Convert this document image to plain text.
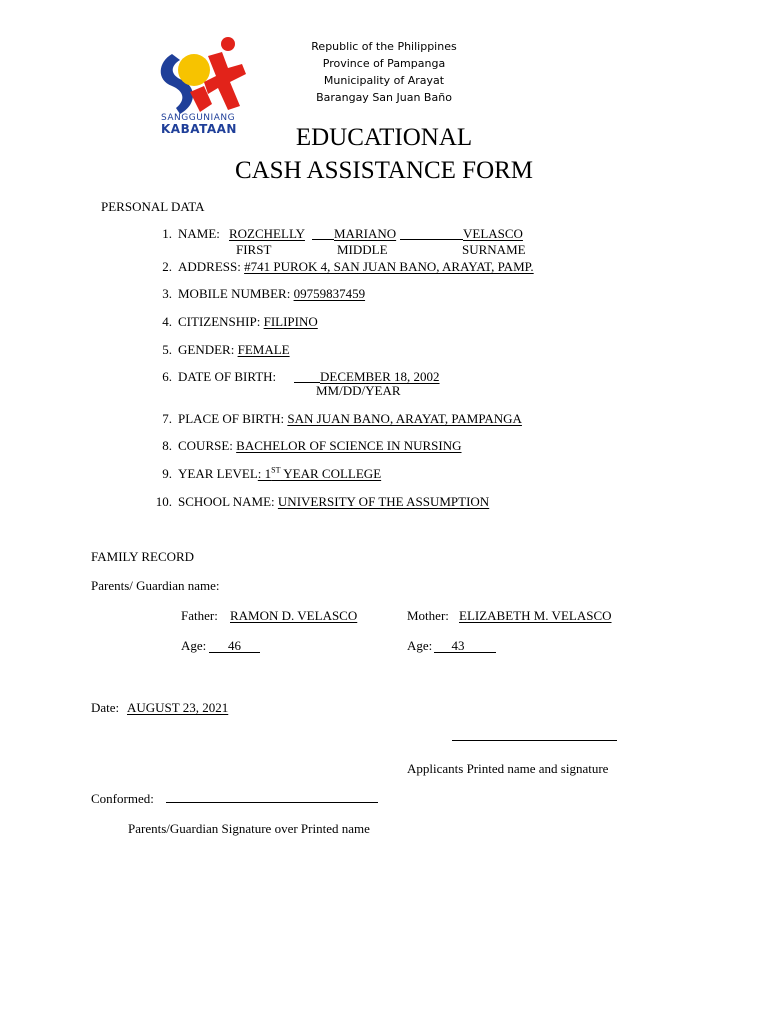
SANGGUNIANG
KABATAAN
Republic of the Philippines
Province of Pampanga
Municipality of Arayat
Barangay San Juan Baño
EDUCATIONAL
CASH ASSISTANCE FORM
PERSONAL DATA
1. NAME: ROZCHELLY MARIANO	VELASCO
FIRST	MIDDLE	SURNAME
2. ADDRESS: #741 PUROK 4, SAN JUAN BANO, ARAYAT, PAMP.
3. MOBILE NUMBER: 09759837459
4. CITIZENSHIP: FILIPINO
5. GENDER: FEMALE
6. DATE OF BIRTH:	DECEMBER 18, 2002
MM/DD/YEAR
7. PLACE OF BIRTH: SAN JUAN BANO, ARAYAT, PAMPANGA
8. COURSE: BACHELOR OF SCIENCE IN NURSING
9. YEAR LEVEL: 1ST YEAR COLLEGE
10. SCHOOL NAME: UNIVERSITY OF THE ASSUMPTION
FAMILY RECORD
Parents/ Guardian name:
Father: RAMON D. VELASCO	Mother: ELIZABETH M. VELASCO
Age:	46	Age:	43
Date: AUGUST 23, 2021
Applicants Printed name and signature
Conformed:
Parents/Guardian Signature over Printed name
